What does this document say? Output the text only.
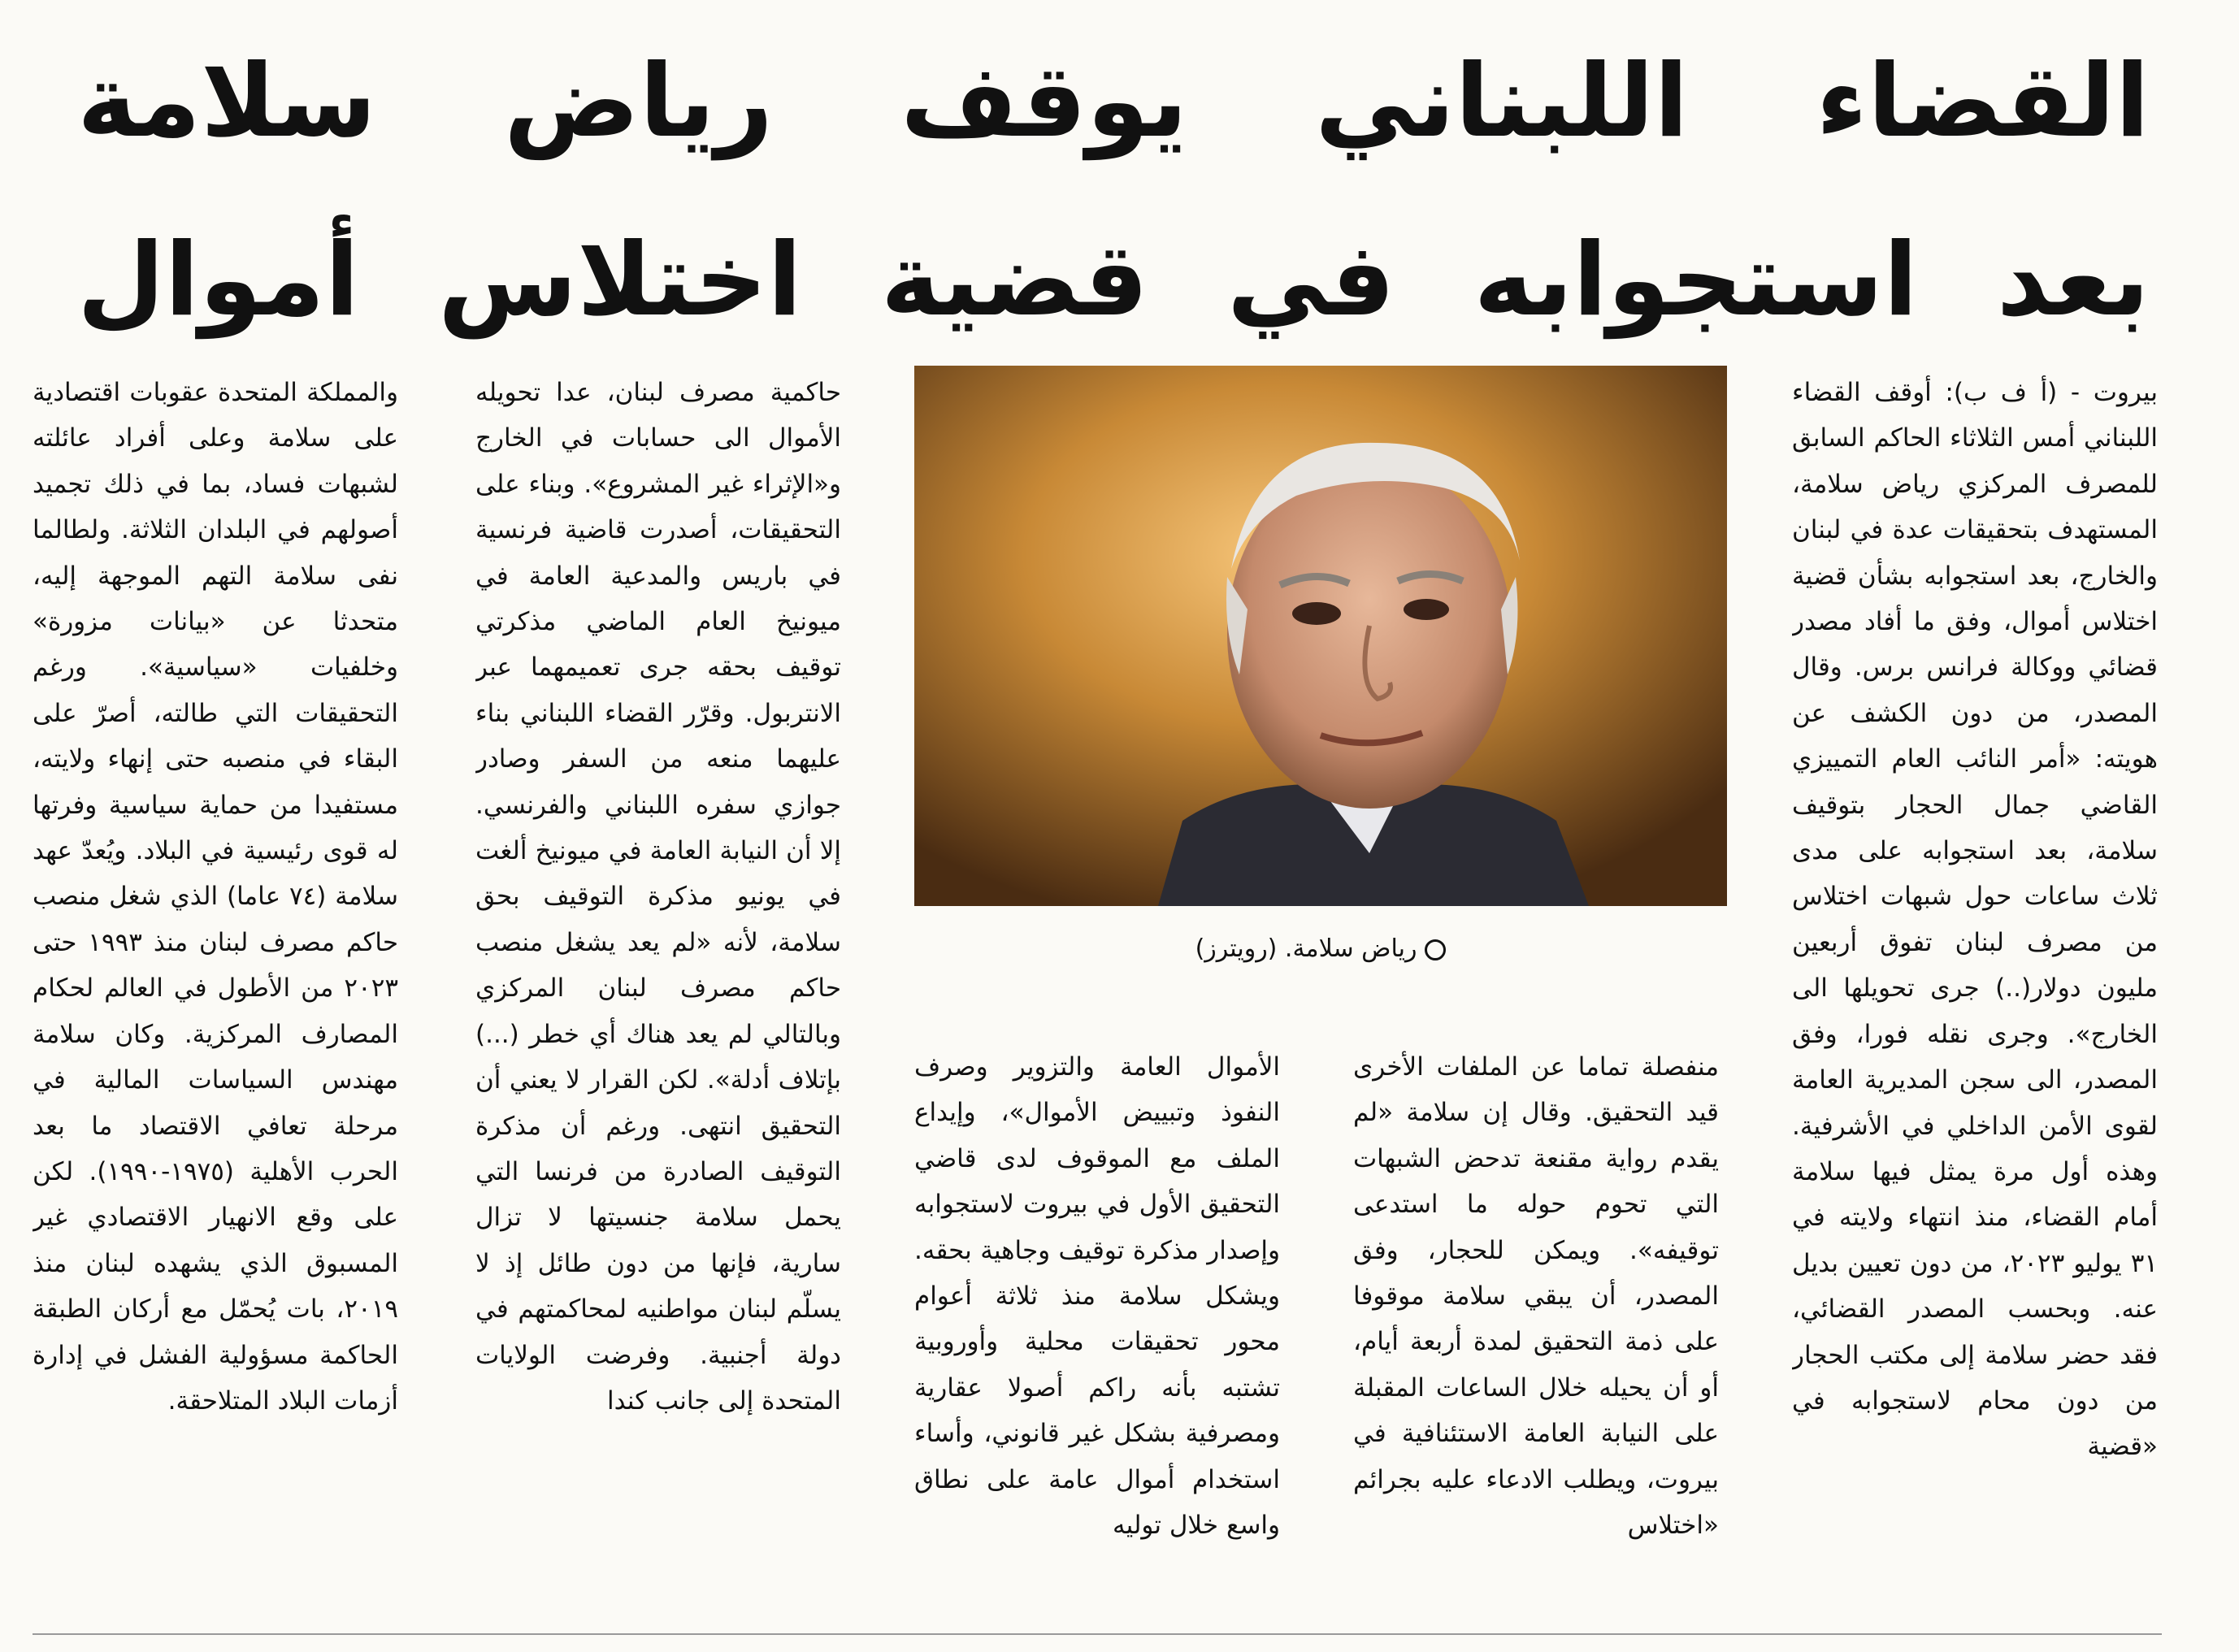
القضاء اللبناني يوقف رياض سلامة
بعد استجوابه في قضية اختلاس أموال

بيروت - (أ ف ب): أوقف القضاء اللبناني أمس الثلاثاء الحاكم السابق للمصرف المركزي رياض سلامة، المستهدف بتحقيقات عدة في لبنان والخارج، بعد استجوابه بشأن قضية اختلاس أموال، وفق ما أفاد مصدر قضائي ووكالة فرانس برس. وقال المصدر، من دون الكشف عن هويته: «أمر النائب العام التمييزي القاضي جمال الحجار بتوقيف سلامة، بعد استجوابه على مدى ثلاث ساعات حول شبهات اختلاس من مصرف لبنان تفوق أربعين مليون دولار(..) جرى تحويلها الى الخارج». وجرى نقله فورا، وفق المصدر، الى سجن المديرية العامة لقوى الأمن الداخلي في الأشرفية. وهذه أول مرة يمثل فيها سلامة أمام القضاء، منذ انتهاء ولايته في ٣١ يوليو ٢٠٢٣، من دون تعيين بديل عنه. وبحسب المصدر القضائي، فقد حضر سلامة إلى مكتب الحجار من دون محام لاستجوابه في «قضية

رياض سلامة. (رويترز)

منفصلة تماما عن الملفات الأخرى قيد التحقيق. وقال إن سلامة «لم يقدم رواية مقنعة تدحض الشبهات التي تحوم حوله ما استدعى توقيفه». ويمكن للحجار، وفق المصدر، أن يبقي سلامة موقوفا على ذمة التحقيق لمدة أربعة أيام، أو أن يحيله خلال الساعات المقبلة على النيابة العامة الاستئنافية في بيروت، ويطلب الادعاء عليه بجرائم «اختلاس

الأموال العامة والتزوير وصرف النفوذ وتبييض الأموال»، وإيداع الملف مع الموقوف لدى قاضي التحقيق الأول في بيروت لاستجوابه وإصدار مذكرة توقيف وجاهية بحقه. ويشكل سلامة منذ ثلاثة أعوام محور تحقيقات محلية وأوروبية تشتبه بأنه راكم أصولا عقارية ومصرفية بشكل غير قانوني، وأساء استخدام أموال عامة على نطاق واسع خلال توليه

حاكمية مصرف لبنان، عدا تحويله الأموال الى حسابات في الخارج و«الإثراء غير المشروع». وبناء على التحقيقات، أصدرت قاضية فرنسية في باريس والمدعية العامة في ميونيخ العام الماضي مذكرتي توقيف بحقه جرى تعميمهما عبر الانتربول. وقرّر القضاء اللبناني بناء عليهما منعه من السفر وصادر جوازي سفره اللبناني والفرنسي. إلا أن النيابة العامة في ميونيخ ألغت في يونيو مذكرة التوقيف بحق سلامة، لأنه «لم يعد يشغل منصب حاكم مصرف لبنان المركزي وبالتالي لم يعد هناك أي خطر (...) بإتلاف أدلة». لكن القرار لا يعني أن التحقيق انتهى. ورغم أن مذكرة التوقيف الصادرة من فرنسا التي يحمل سلامة جنسيتها لا تزال سارية، فإنها من دون طائل إذ لا يسلّم لبنان مواطنيه لمحاكمتهم في دولة أجنبية. وفرضت الولايات المتحدة إلى جانب كندا

والمملكة المتحدة عقوبات اقتصادية على سلامة وعلى أفراد عائلته لشبهات فساد، بما في ذلك تجميد أصولهم في البلدان الثلاثة. ولطالما نفى سلامة التهم الموجهة إليه، متحدثا عن «بيانات مزورة» وخلفيات «سياسية». ورغم التحقيقات التي طالته، أصرّ على البقاء في منصبه حتى إنهاء ولايته، مستفيدا من حماية سياسية وفرتها له قوى رئيسية في البلاد. ويُعدّ عهد سلامة (٧٤ عاما) الذي شغل منصب حاكم مصرف لبنان منذ ١٩٩٣ حتى ٢٠٢٣ من الأطول في العالم لحكام المصارف المركزية. وكان سلامة مهندس السياسات المالية في مرحلة تعافي الاقتصاد ما بعد الحرب الأهلية (١٩٧٥-١٩٩٠). لكن على وقع الانهيار الاقتصادي غير المسبوق الذي يشهده لبنان منذ ٢٠١٩، بات يُحمّل مع أركان الطبقة الحاكمة مسؤولية الفشل في إدارة أزمات البلاد المتلاحقة.
